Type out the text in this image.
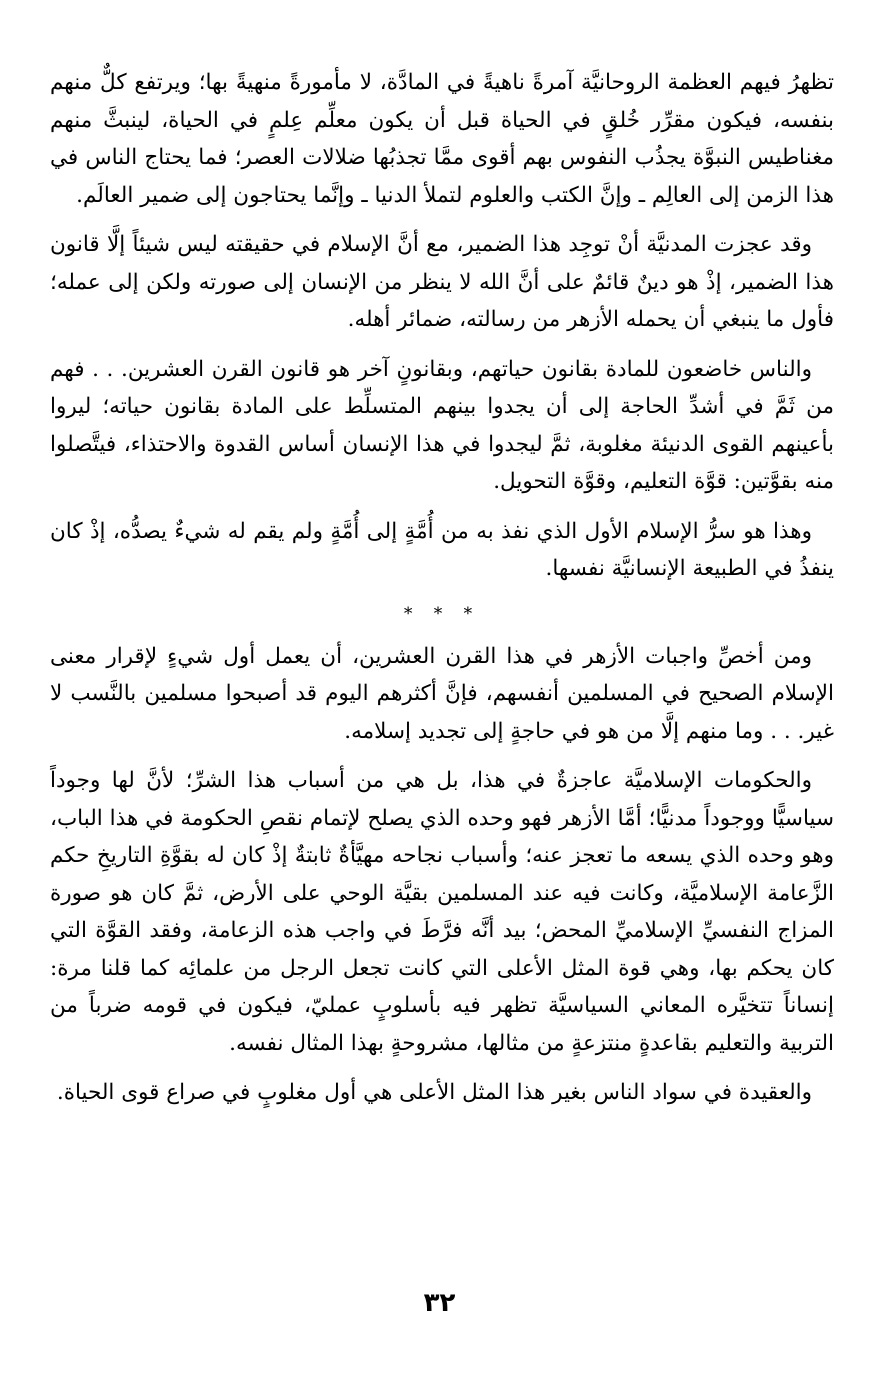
تظهرُ فيهم العظمة الروحانيَّة آمرةً ناهيةً في المادَّة، لا مأمورةً منهيةً بها؛ ويرتفع كلٌّ منهم بنفسه، فيكون مقرِّر خُلقٍ في الحياة قبل أن يكون معلِّم عِلمٍ في الحياة، لينبثَّ منهم مغناطيس النبوَّة يجذُب النفوس بهم أقوى ممَّا تجذبُها ضلالات العصر؛ فما يحتاج الناس في هذا الزمن إلى العالِم ـ وإنَّ الكتب والعلوم لتملأ الدنيا ـ وإنَّما يحتاجون إلى ضمير العالَم.

وقد عجزت المدنيَّة أنْ توجِد هذا الضمير، مع أنَّ الإسلام في حقيقته ليس شيئاً إلَّا قانون هذا الضمير، إذْ هو دينٌ قائمٌ على أنَّ الله لا ينظر من الإنسان إلى صورته ولكن إلى عمله؛ فأول ما ينبغي أن يحمله الأزهر من رسالته، ضمائر أهله.

والناس خاضعون للمادة بقانون حياتهم، وبقانونٍ آخر هو قانون القرن العشرين. . . فهم من ثَمَّ في أشدِّ الحاجة إلى أن يجدوا بينهم المتسلِّط على المادة بقانون حياته؛ ليروا بأعينهم القوى الدنيئة مغلوبة، ثمَّ ليجدوا في هذا الإنسان أساس القدوة والاحتذاء، فيتَّصلوا منه بقوَّتين: قوَّة التعليم، وقوَّة التحويل.

وهذا هو سرُّ الإسلام الأول الذي نفذ به من أُمَّةٍ إلى أُمَّةٍ ولم يقم له شيءٌ يصدُّه، إذْ كان ينفذُ في الطبيعة الإنسانيَّة نفسها.

* * *

ومن أخصِّ واجبات الأزهر في هذا القرن العشرين، أن يعمل أول شيءٍ لإقرار معنى الإسلام الصحيح في المسلمين أنفسهم، فإنَّ أكثرهم اليوم قد أصبحوا مسلمين بالنَّسب لا غير. . . وما منهم إلَّا من هو في حاجةٍ إلى تجديد إسلامه.

والحكومات الإسلاميَّة عاجزةٌ في هذا، بل هي من أسباب هذا الشرِّ؛ لأنَّ لها وجوداً سياسيًّا ووجوداً مدنيًّا؛ أمَّا الأزهر فهو وحده الذي يصلح لإتمام نقصِ الحكومة في هذا الباب، وهو وحده الذي يسعه ما تعجز عنه؛ وأسباب نجاحه مهيَّأةٌ ثابتةٌ إذْ كان له بقوَّةِ التاريخِ حكم الزَّعامة الإسلاميَّة، وكانت فيه عند المسلمين بقيَّة الوحي على الأرض، ثمَّ كان هو صورة المزاج النفسيِّ الإسلاميِّ المحض؛ بيد أنَّه فرَّطَ في واجب هذه الزعامة، وفقد القوَّة التي كان يحكم بها، وهي قوة المثل الأعلى التي كانت تجعل الرجل من علمائِه كما قلنا مرة: إنساناً تتخيَّره المعاني السياسيَّة تظهر فيه بأسلوبٍ عمليّ، فيكون في قومه ضرباً من التربية والتعليم بقاعدةٍ منتزعةٍ من مثالها، مشروحةٍ بهذا المثال نفسه.

والعقيدة في سواد الناس بغير هذا المثل الأعلى هي أول مغلوبٍ في صراع قوى الحياة.

٣٢
